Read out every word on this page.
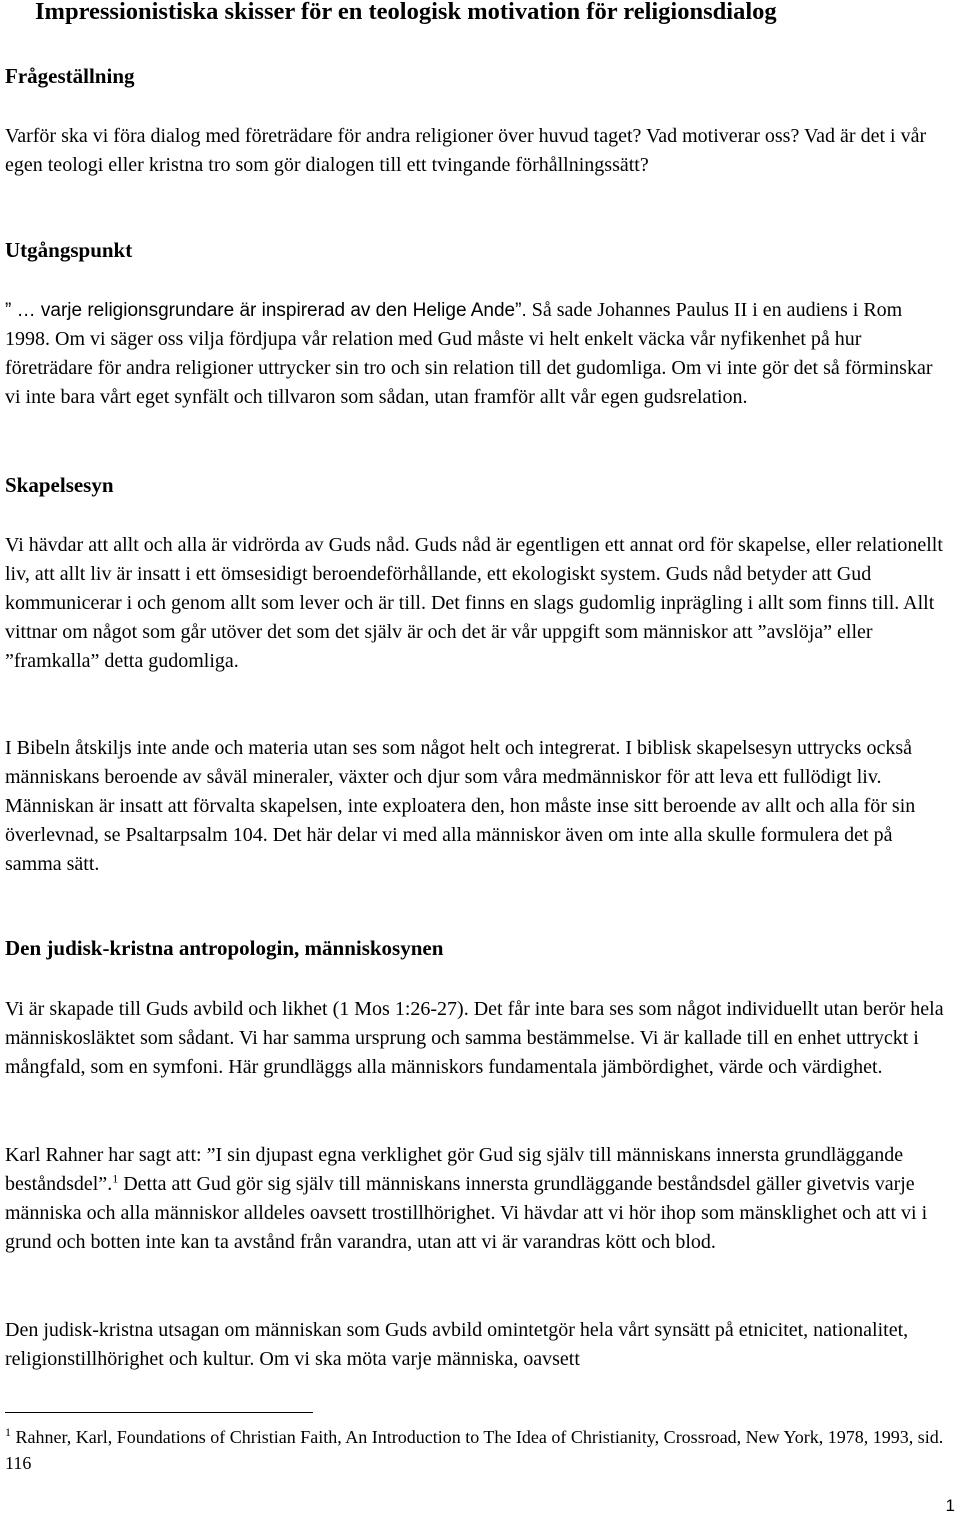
Impressionistiska skisser för en teologisk motivation för religionsdialog
Frågeställning

Varför ska vi föra dialog med företrädare för andra religioner över huvud taget? Vad motiverar oss? Vad är det i vår egen teologi eller kristna tro som gör dialogen till ett tvingande förhållningssätt?

Utgångspunkt

” … varje religionsgrundare är inspirerad av den Helige Ande”. Så sade Johannes Paulus II i en audiens i Rom 1998. Om vi säger oss vilja fördjupa vår relation med Gud måste vi helt enkelt väcka vår nyfikenhet på hur företrädare för andra religioner uttrycker sin tro och sin relation till det gudomliga. Om vi inte gör det så förminskar vi inte bara vårt eget synfält och tillvaron som sådan, utan framför allt vår egen gudsrelation.

Skapelsesyn

Vi hävdar att allt och alla är vidrörda av Guds nåd. Guds nåd är egentligen ett annat ord för skapelse, eller relationellt liv, att allt liv är insatt i ett ömsesidigt beroendeförhållande, ett ekologiskt system. Guds nåd betyder att Gud kommunicerar i och genom allt som lever och är till. Det finns en slags gudomlig inprägling i allt som finns till. Allt vittnar om något som går utöver det som det själv är och det är vår uppgift som människor att ”avslöja” eller ”framkalla” detta gudomliga.

I Bibeln åtskiljs inte ande och materia utan ses som något helt och integrerat. I biblisk skapelsesyn uttrycks också människans beroende av såväl mineraler, växter och djur som våra medmänniskor för att leva ett fullödigt liv. Människan är insatt att förvalta skapelsen, inte exploatera den, hon måste inse sitt beroende av allt och alla för sin överlevnad, se Psaltarpsalm 104. Det här delar vi med alla människor även om inte alla skulle formulera det på samma sätt.

Den judisk-kristna antropologin, människosynen

Vi är skapade till Guds avbild och likhet (1 Mos 1:26-27). Det får inte bara ses som något individuellt utan berör hela människosläktet som sådant. Vi har samma ursprung och samma bestämmelse. Vi är kallade till en enhet uttryckt i mångfald, som en symfoni. Här grundläggs alla människors fundamentala jämbördighet, värde och värdighet.

Karl Rahner har sagt att: ”I sin djupast egna verklighet gör Gud sig själv till människans innersta grundläggande beståndsdel”.$^1$ Detta att Gud gör sig själv till människans innersta grundläggande beståndsdel gäller givetvis varje människa och alla människor alldeles oavsett trostillhörighet. Vi hävdar att vi hör ihop som mänsklighet och att vi i grund och botten inte kan ta avstånd från varandra, utan att vi är varandras kött och blod.

Den judisk-kristna utsagan om människan som Guds avbild omintetgör hela vårt synsätt på etnicitet, nationalitet, religionstillhörighet och kultur. Om vi ska möta varje människa, oavsett

$^1$ Rahner, Karl, Foundations of Christian Faith, An Introduction to The Idea of Christianity, Crossroad, New York, 1978, 1993, sid. 116

1
